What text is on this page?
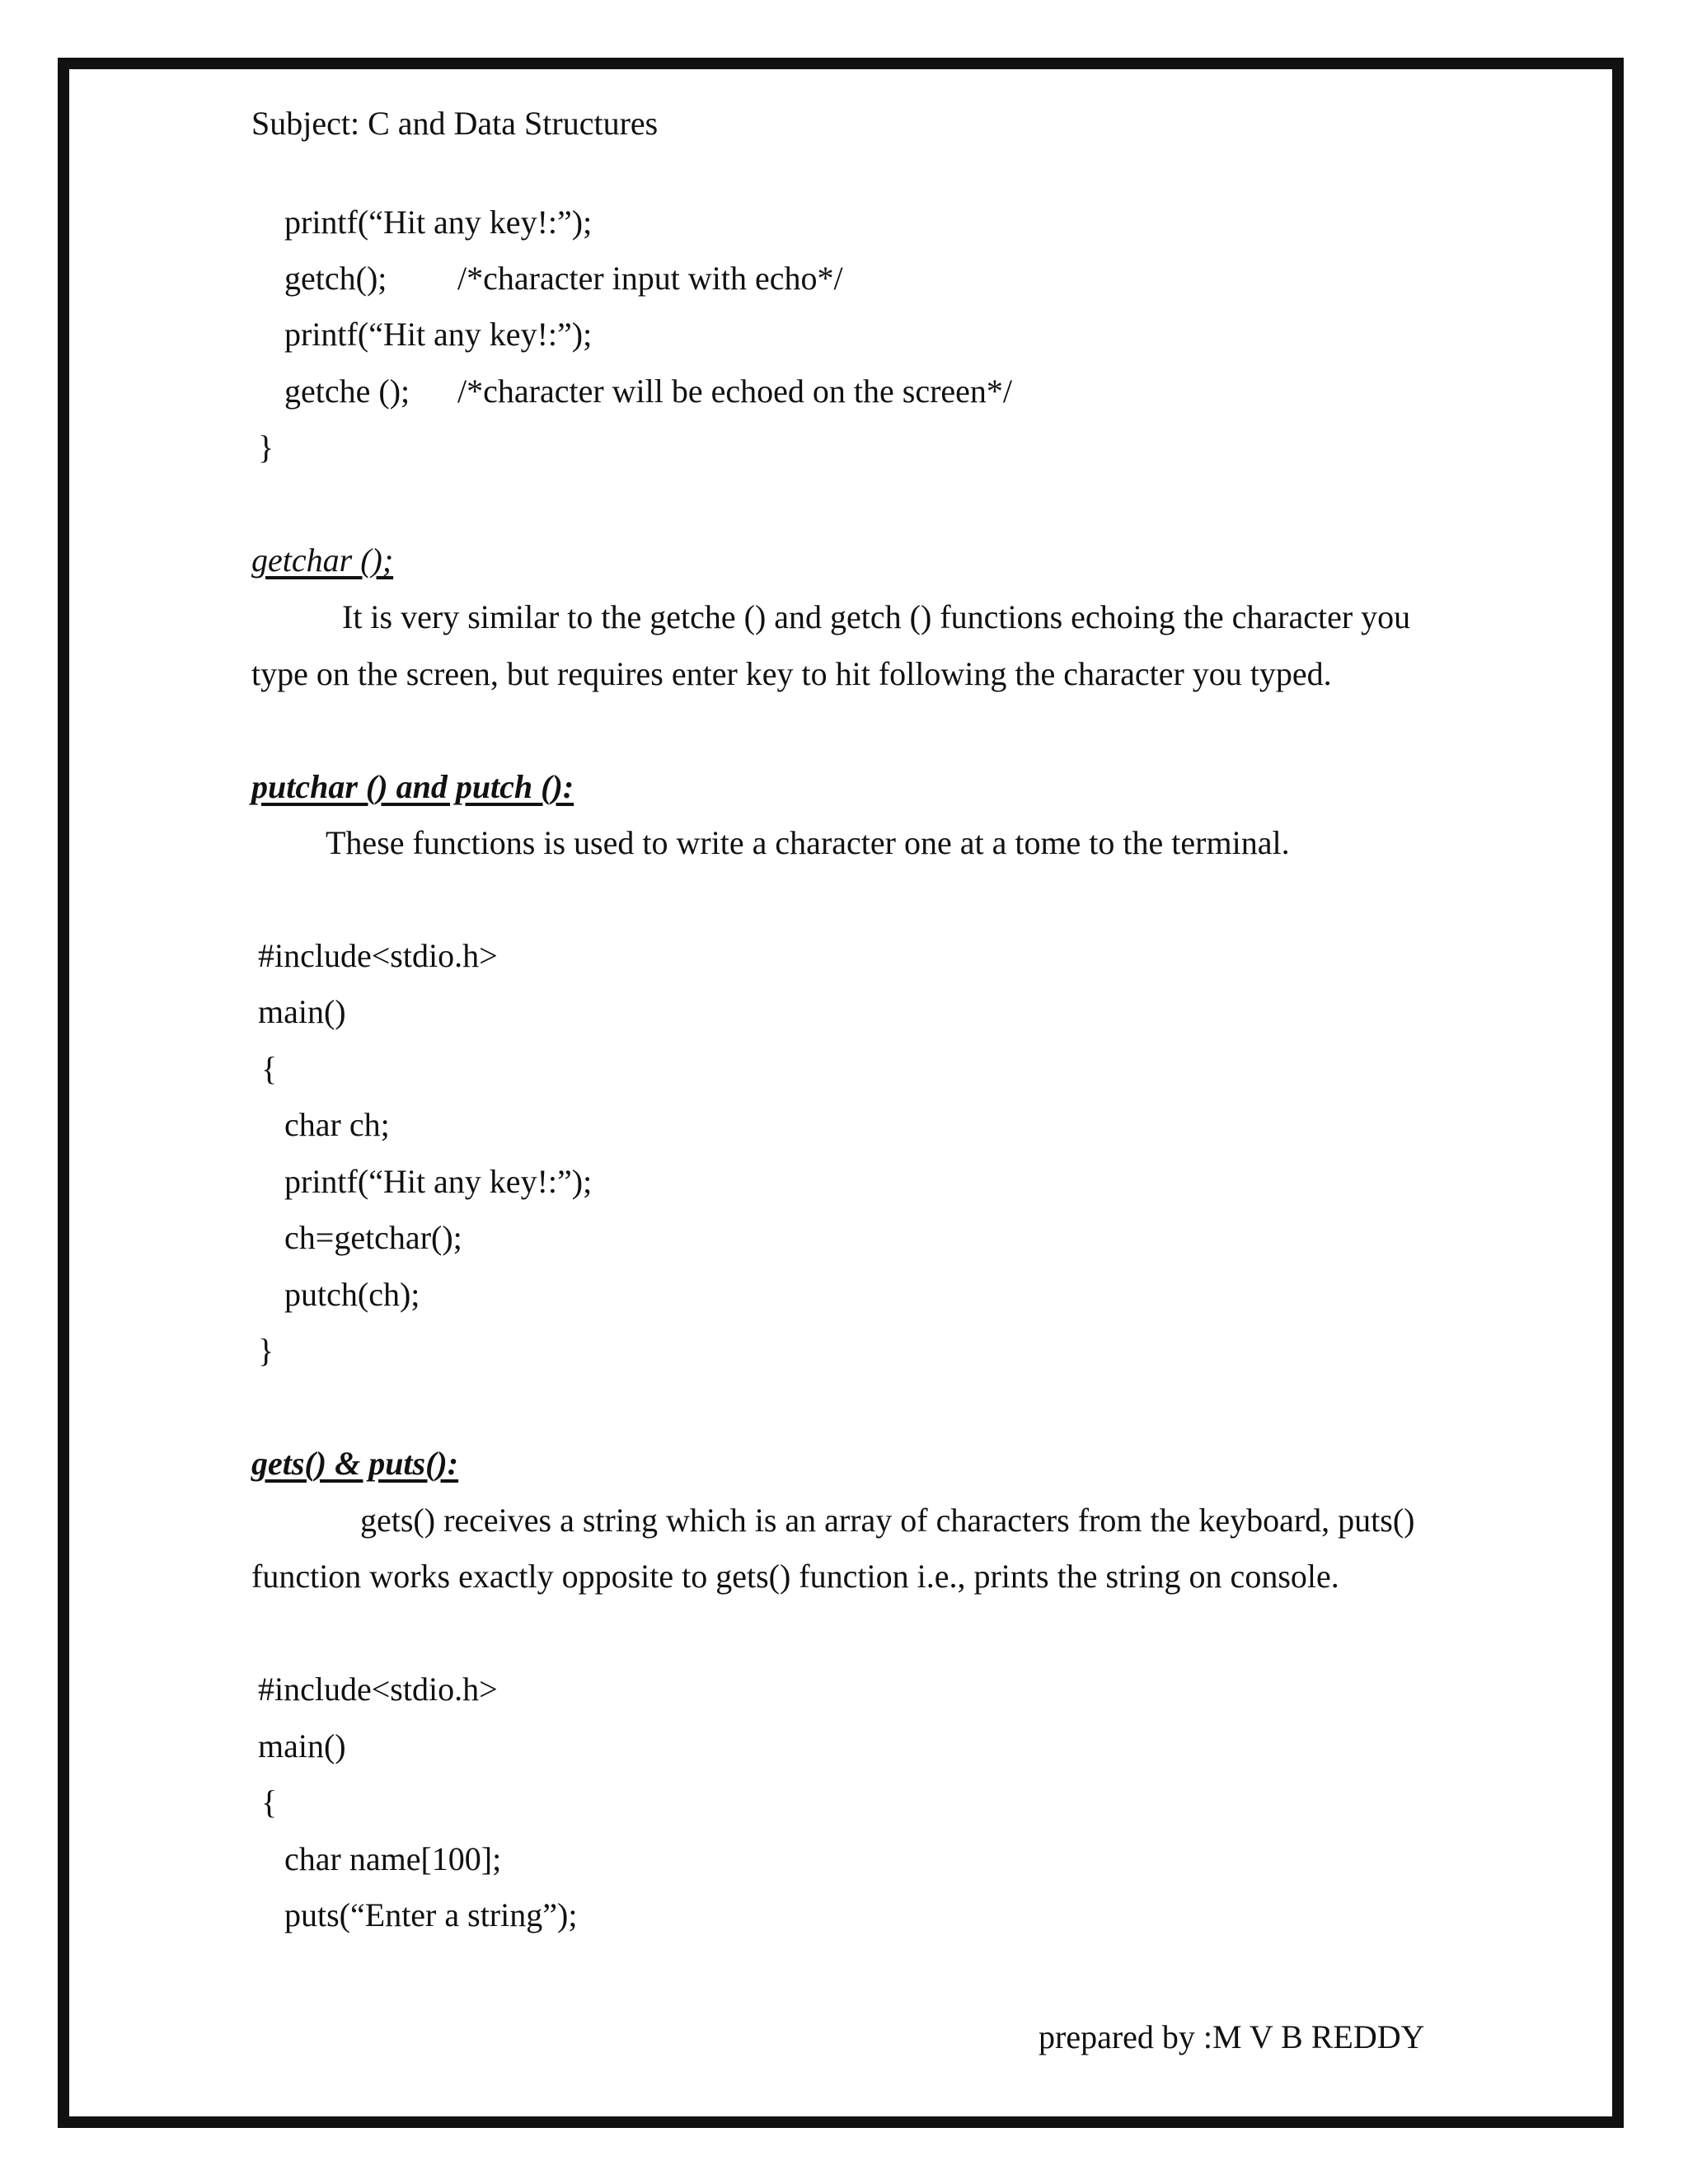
Subject: C and Data Structures
printf(“Hit any key!:”);
getch(); /*character input with echo*/
printf(“Hit any key!:”);
getche (); /*character will be echoed on the screen*/
}
getchar ();
It is very similar to the getche () and getch () functions echoing the character you
type on the screen, but requires enter key to hit following the character you typed.
putchar () and putch ():
These functions is used to write a character one at a tome to the terminal.
#include<stdio.h>
main()
{
char ch;
printf(“Hit any key!:”);
ch=getchar();
putch(ch);
}
gets() & puts():
gets() receives a string which is an array of characters from the keyboard, puts()
function works exactly opposite to gets() function i.e., prints the string on console.
#include<stdio.h>
main()
{
char name[100];
puts(“Enter a string”);
prepared by :M V B REDDY
